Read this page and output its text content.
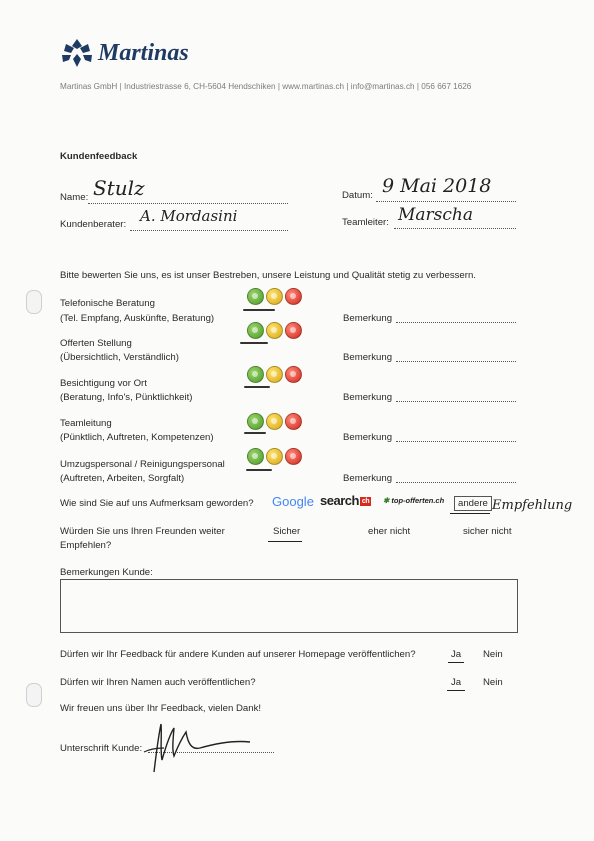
Martinas
Martinas GmbH | Industriestrasse 6, CH-5604 Hendschiken | www.martinas.ch | info@martinas.ch | 056 667 1626
Kundenfeedback
Name: Stulz	Datum: 9 Mai 2018
Kundenberater: A. Mordasini	Teamleiter: Marscha
Bitte bewerten Sie uns, es ist unser Bestreben, unsere Leistung und Qualität stetig zu verbessern.
Telefonische Beratung
(Tel. Empfang, Auskünfte, Beratung)	Bemerkung
Offerten Stellung
(Übersichtlich, Verständlich)	Bemerkung
Besichtigung vor Ort
(Beratung, Info's, Pünktlichkeit)	Bemerkung
Teamleitung
(Pünktlich, Auftreten, Kompetenzen)	Bemerkung
Umzugspersonal / Reinigungspersonal
(Auftreten, Arbeiten, Sorgfalt)	Bemerkung
Wie sind Sie auf uns Aufmerksam geworden? Google search ch ✱ top-offerten.ch	andere Empfehlung
Würden Sie uns Ihren Freunden weiter
Empfehlen?
Sicher	eher nicht	sicher nicht
Bemerkungen Kunde:
Dürfen wir Ihr Feedback für andere Kunden auf unserer Homepage veröffentlichen?	Ja Nein
Dürfen wir Ihren Namen auch veröffentlichen?	Ja Nein
Wir freuen uns über Ihr Feedback, vielen Dank!
Unterschrift Kunde:
